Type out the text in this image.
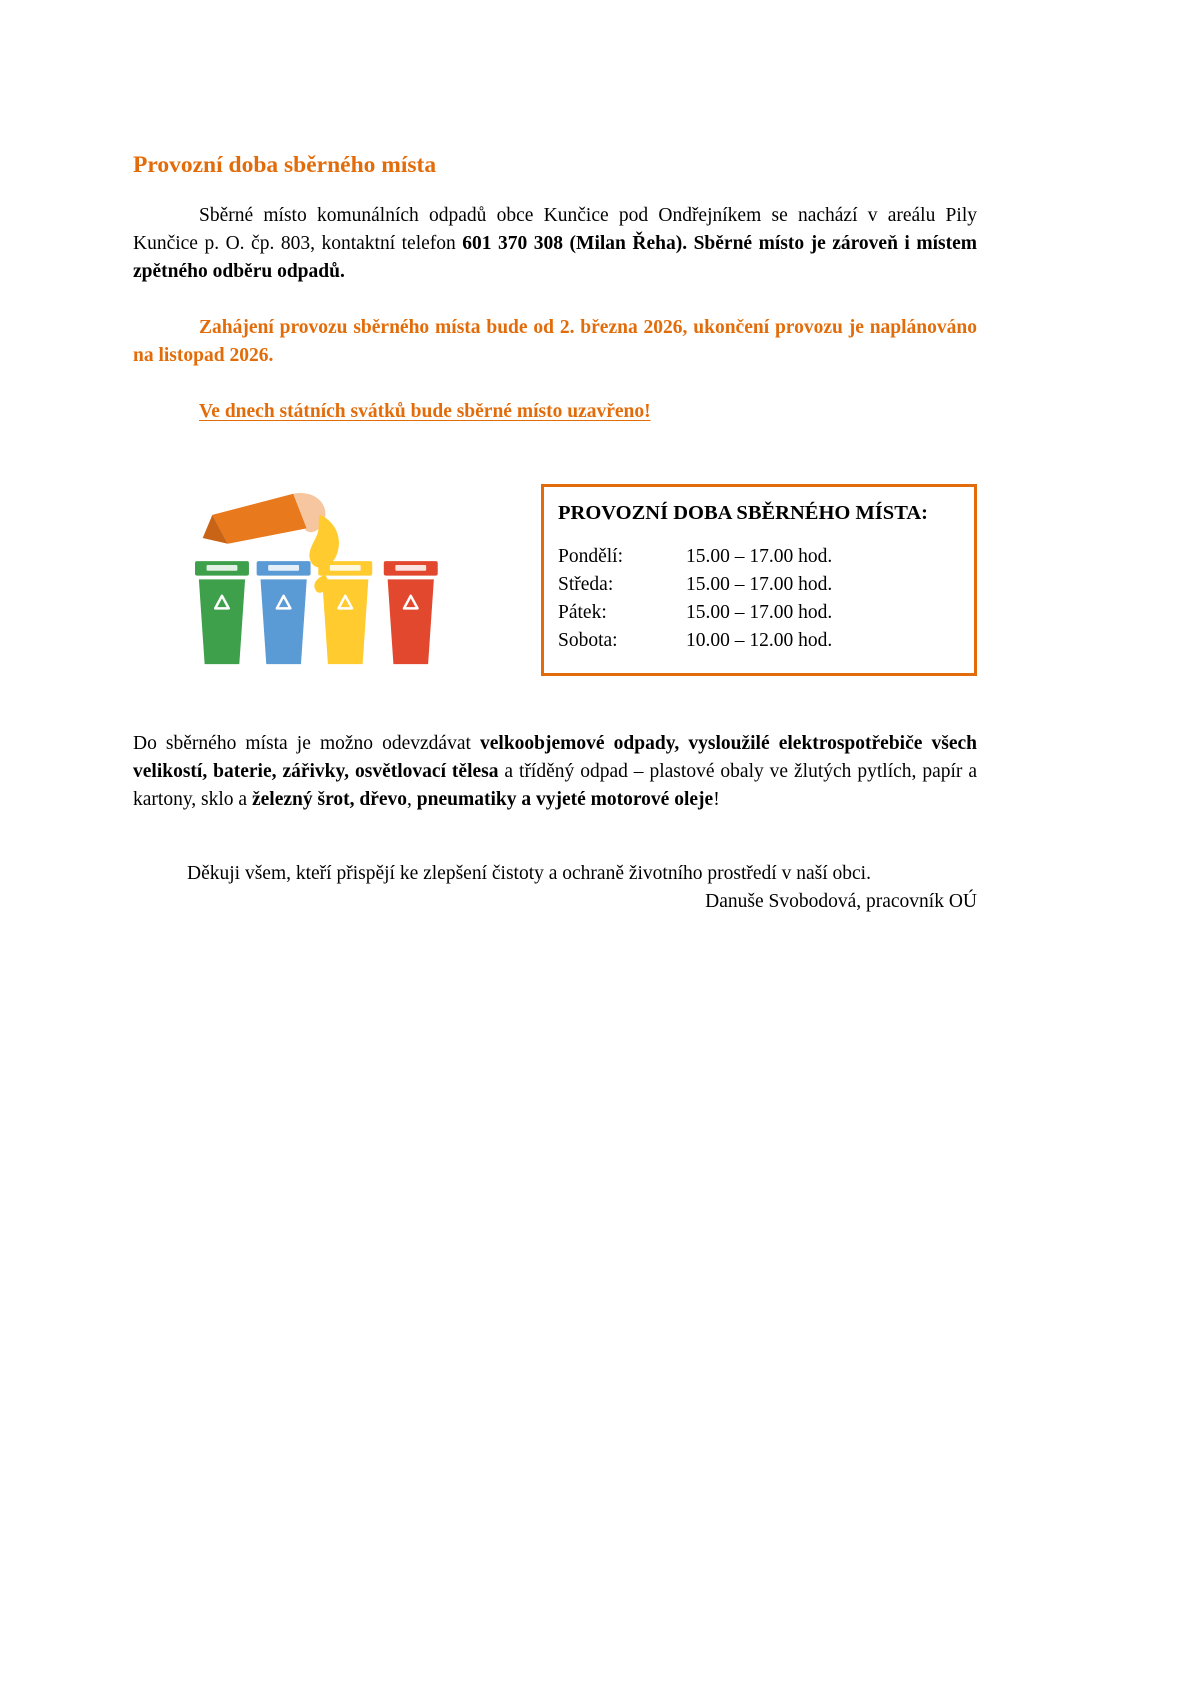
Provozní doba sběrného místa

Sběrné místo komunálních odpadů obce Kunčice pod Ondřejníkem se nachází v areálu Pily Kunčice p. O. čp. 803, kontaktní telefon 601 370 308 (Milan Řeha). Sběrné místo je zároveň i místem zpětného odběru odpadů.

Zahájení provozu sběrného místa bude od 2. března 2026, ukončení provozu je naplánováno na listopad 2026.

Ve dnech státních svátků bude sběrné místo uzavřeno!

PROVOZNÍ DOBA SBĚRNÉHO MÍSTA:
Pondělí:	15.00 – 17.00 hod.
Středa:	15.00 – 17.00 hod.
Pátek:	15.00 – 17.00 hod.
Sobota:	10.00 – 12.00 hod.

Do sběrného místa je možno odevzdávat velkoobjemové odpady, vysloužilé elektrospotřebiče všech velikostí, baterie, zářivky, osvětlovací tělesa a tříděný odpad – plastové obaly ve žlutých pytlích, papír a kartony, sklo a železný šrot, dřevo, pneumatiky a vyjeté motorové oleje!

Děkuji všem, kteří přispějí ke zlepšení čistoty a ochraně životního prostředí v naší obci.

Danuše Svobodová, pracovník OÚ
